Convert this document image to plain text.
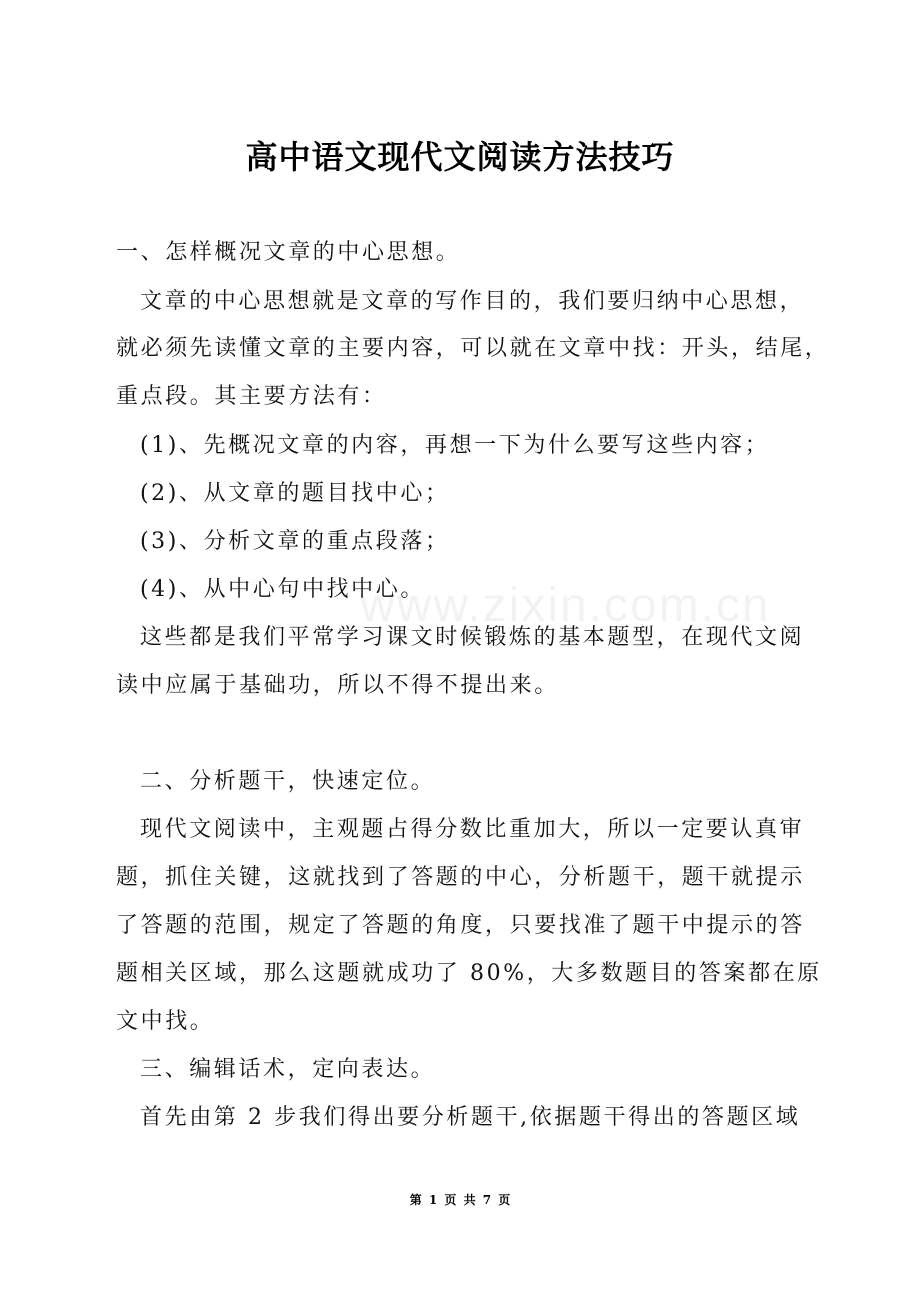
高中语文现代文阅读方法技巧
www.zixin.com.cn

一、怎样概况文章的中心思想。

文章的中心思想就是文章的写作目的，我们要归纳中心思想，

就必须先读懂文章的主要内容，可以就在文章中找：开头，结尾，

重点段。其主要方法有：

(1)、先概况文章的内容，再想一下为什么要写这些内容；

(2)、从文章的题目找中心；

(3)、分析文章的重点段落；

(4)、从中心句中找中心。

这些都是我们平常学习课文时候锻炼的基本题型，在现代文阅

读中应属于基础功，所以不得不提出来。

二、分析题干，快速定位。

现代文阅读中，主观题占得分数比重加大，所以一定要认真审

题，抓住关键，这就找到了答题的中心，分析题干，题干就提示

了答题的范围，规定了答题的角度，只要找准了题干中提示的答

题相关区域，那么这题就成功了 80%，大多数题目的答案都在原

文中找。

三、编辑话术，定向表达。

首先由第 2 步我们得出要分析题干,依据题干得出的答题区域

第 1 页 共 7 页
